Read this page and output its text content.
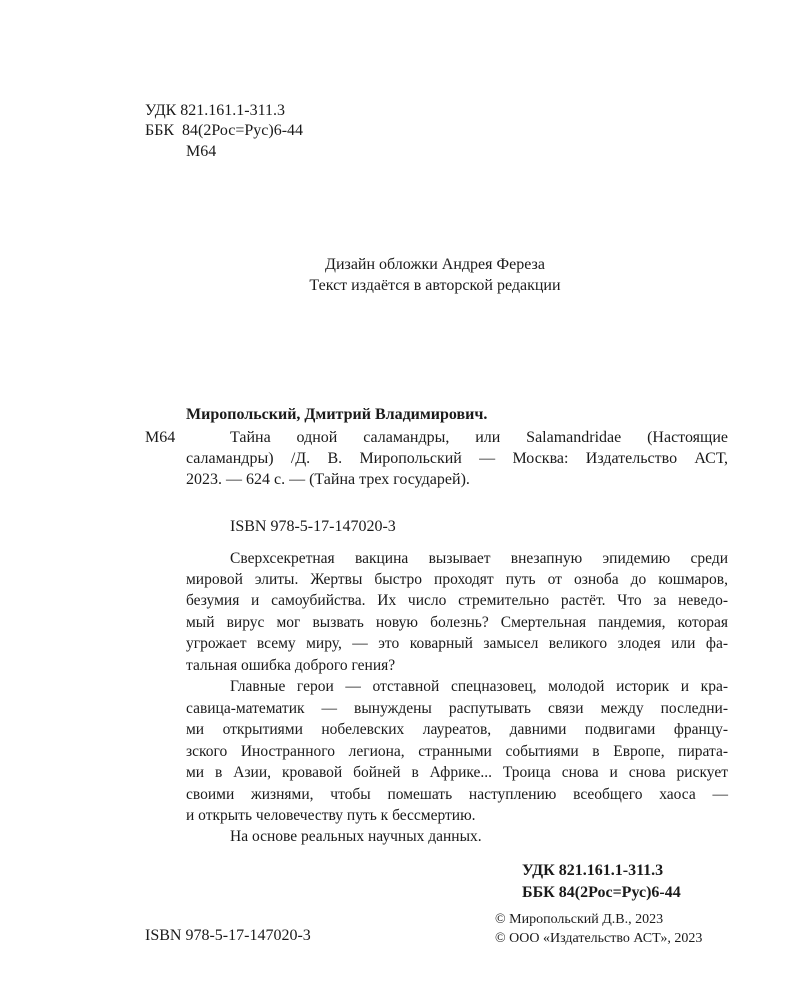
УДК 821.161.1-311.3

ББК  84(2Рос=Рус)6-44

М64

Дизайн обложки Андрея Фереза

Текст издаётся в авторской редакции

Миропольский, Дмитрий Владимирович.

М64	Тайна одной саламандры, или Salamandridae (Настоящие

саламандры) /Д. В. Миропольский — Москва: Издательство АСТ,

2023. — 624 с. — (Тайна трех государей).

ISBN 978-5-17-147020-3

Сверхсекретная вакцина вызывает внезапную эпидемию среди

мировой элиты. Жертвы быстро проходят путь от озноба до кошмаров,

безумия и самоубийства. Их число стремительно растёт. Что за неведо-

мый вирус мог вызвать новую болезнь? Смертельная пандемия, которая

угрожает всему миру, — это коварный замысел великого злодея или фа-

тальная ошибка доброго гения?

Главные герои — отставной спецназовец, молодой историк и кра-

савица-математик — вынуждены распутывать связи между последни-

ми открытиями нобелевских лауреатов, давними подвигами францу-

зского Иностранного легиона, странными событиями в Европе, пирата-

ми в Азии, кровавой бойней в Африке... Троица снова и снова рискует

своими жизнями, чтобы помешать наступлению всеобщего хаоса —

и открыть человечеству путь к бессмертию.

На основе реальных научных данных.

УДК 821.161.1-311.3

ББК 84(2Рос=Рус)6-44

© Миропольский Д.В., 2023

ISBN 978-5-17-147020-3	© ООО «Издательство АСТ», 2023
